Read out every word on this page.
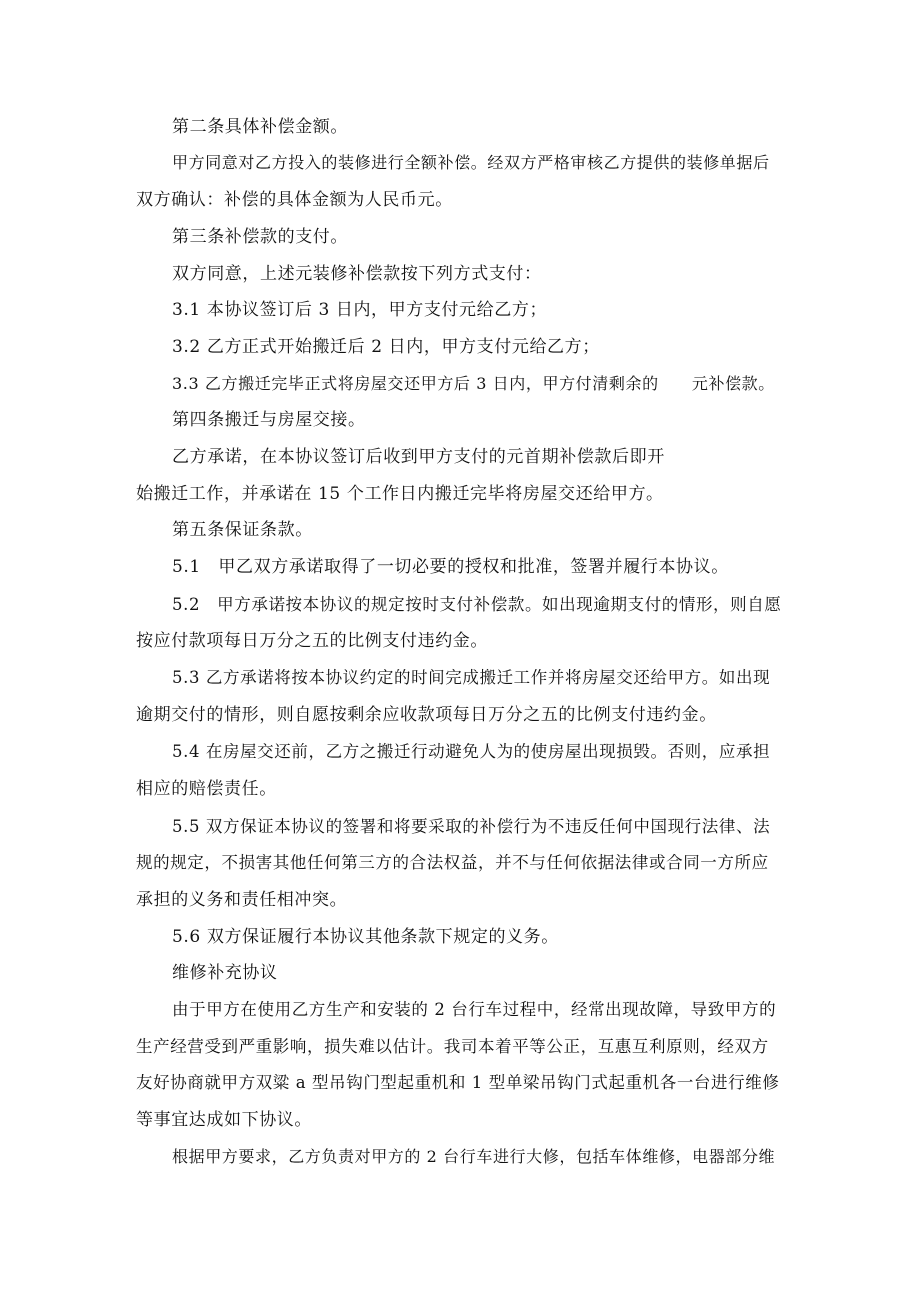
第二条具体补偿金额。
甲方同意对乙方投入的装修进行全额补偿。经双方严格审核乙方提供的装修单据后
双方确认：补偿的具体金额为人民币元。
第三条补偿款的支付。
双方同意，上述元装修补偿款按下列方式支付：
3.1 本协议签订后 3 日内，甲方支付元给乙方；
3.2 乙方正式开始搬迁后 2 日内，甲方支付元给乙方；
3.3 乙方搬迁完毕正式将房屋交还甲方后 3 日内，甲方付清剩余的　　元补偿款。
第四条搬迁与房屋交接。
乙方承诺，在本协议签订后收到甲方支付的元首期补偿款后即开
始搬迁工作，并承诺在 15 个工作日内搬迁完毕将房屋交还给甲方。
第五条保证条款。
5.1　甲乙双方承诺取得了一切必要的授权和批准，签署并履行本协议。
5.2　甲方承诺按本协议的规定按时支付补偿款。如出现逾期支付的情形，则自愿
按应付款项每日万分之五的比例支付违约金。
5.3 乙方承诺将按本协议约定的时间完成搬迁工作并将房屋交还给甲方。如出现
逾期交付的情形，则自愿按剩余应收款项每日万分之五的比例支付违约金。
5.4 在房屋交还前，乙方之搬迁行动避免人为的使房屋出现损毁。否则，应承担
相应的赔偿责任。
5.5 双方保证本协议的签署和将要采取的补偿行为不违反任何中国现行法律、法
规的规定，不损害其他任何第三方的合法权益，并不与任何依据法律或合同一方所应
承担的义务和责任相冲突。
5.6 双方保证履行本协议其他条款下规定的义务。
维修补充协议
由于甲方在使用乙方生产和安装的 2 台行车过程中，经常出现故障，导致甲方的
生产经营受到严重影响，损失难以估计。我司本着平等公正，互惠互利原则，经双方
友好协商就甲方双粱 a 型吊钩门型起重机和 1 型单梁吊钩门式起重机各一台进行维修
等事宜达成如下协议。
根据甲方要求，乙方负责对甲方的 2 台行车进行大修，包括车体维修，电器部分维
